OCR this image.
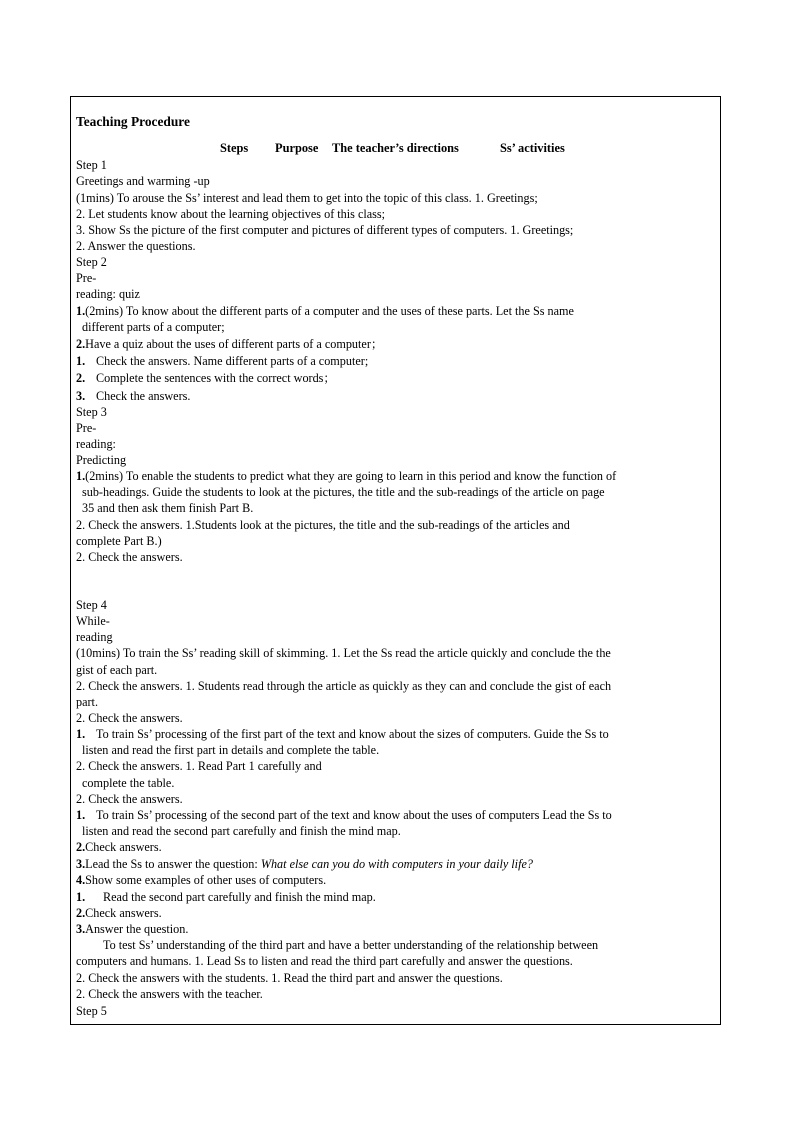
Teaching Procedure
Steps Purpose The teacher’s directions	Ss’ activities
Step 1
Greetings and warming -up
(1mins) To arouse the Ss’ interest and lead them to get into the topic of this class. 1. Greetings;
2. Let students know about the learning objectives of this class;
3. Show Ss the picture of the first computer and pictures of different types of computers. 1. Greetings;
2. Answer the questions.
Step 2
Pre-
reading: quiz
1.(2mins) To know about the different parts of a computer and the uses of these parts. Let the Ss name
different parts of a computer;
2.Have a quiz about the uses of different parts of a computer；
1. Check the answers. Name different parts of a computer;
2. Complete the sentences with the correct words；
3. Check the answers.
Step 3
Pre-
reading:
Predicting
1.(2mins) To enable the students to predict what they are going to learn in this period and know the function of
sub-headings. Guide the students to look at the pictures, the title and the sub-readings of the article on page
35 and then ask them finish Part B.
2. Check the answers. 1.Students look at the pictures, the title and the sub-readings of the articles and
complete Part B.)
2. Check the answers.
Step 4
While-
reading
(10mins) To train the Ss’ reading skill of skimming. 1. Let the Ss read the article quickly and conclude the the
gist of each part.
2. Check the answers. 1. Students read through the article as quickly as they can and conclude the gist of each
part.
2. Check the answers.
1. To train Ss’ processing of the first part of the text and know about the sizes of computers. Guide the Ss to
listen and read the first part in details and complete the table.
2. Check the answers. 1. Read Part 1 carefully and
complete the table.
2. Check the answers.
1. To train Ss’ processing of the second part of the text and know about the uses of computers Lead the Ss to
listen and read the second part carefully and finish the mind map.
2.Check answers.
3.Lead the Ss to answer the question: What else can you do with computers in your daily life?
4.Show some examples of other uses of computers.
1. Read the second part carefully and finish the mind map.
2.Check answers.
3.Answer the question.
To test Ss’ understanding of the third part and have a better understanding of the relationship between
computers and humans. 1. Lead Ss to listen and read the third part carefully and answer the questions.
2. Check the answers with the students. 1. Read the third part and answer the questions.
2. Check the answers with the teacher.
Step 5
